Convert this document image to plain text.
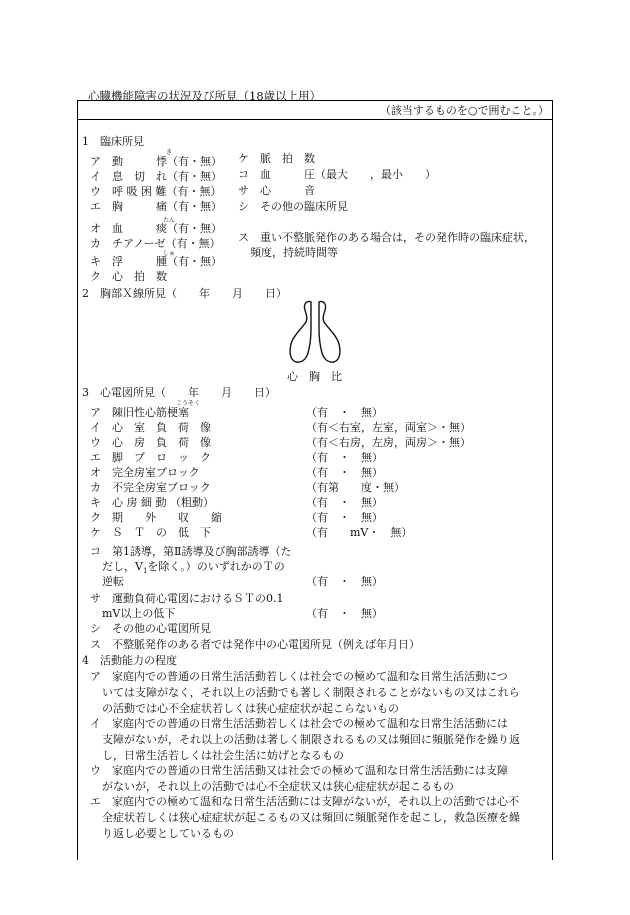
心臓機能障害の状況及び所見（18歳以上用）
（該当するものを○で囲むこと。）
1　臨床所見
き
ア　動　　　悸（有・無）
イ　息　切　れ（有・無）
ウ　呼 吸 困 難（有・無）
エ　胸　　　痛（有・無）
たん
オ　血　　　痰（有・無）
カ　チアノーゼ（有・無）
しゅ
キ　浮　　　腫（有・無）
ク　心　拍　数
ケ　脈　拍　数
コ　血　　　圧（最大　　，最小　　）
サ　心　　　音
シ　その他の臨床所見
ス　重い不整脈発作のある場合は，その発作時の臨床症状，
頻度，持続時間等
2　胸部Ｘ線所見（　　年　　月　　日）
心　胸　比
3　心電図所見（　　年　　月　　日）
こうそく
ア　陳旧性心筋梗塞	（有　・　無）
イ　心　室　負　荷　像	（有＜右室，左室，両室＞・無）
ウ　心　房　負　荷　像	（有＜右房，左房，両房＞・無）
エ　脚　ブ　ロ　ッ　ク	（有　・　無）
オ　完全房室ブロック	（有　・　無）
カ　不完全房室ブロック	（有第　　度・無）
キ　心 房 細 動 （粗動）	（有　・　無）
ク　期　　外　　収　　縮	（有　・　無）
ケ　Ｓ　Ｔ　の　低　下	（有　　mV・　無）
コ　第1誘導，第Ⅱ誘導及び胸部誘導（た
だし，$V_1$を除く。）のいずれかのＴの
逆転	（有　・　無）
サ　運動負荷心電図におけるＳＴの0.1
mV以上の低下	（有　・　無）
シ　その他の心電図所見
ス　不整脈発作のある者では発作中の心電図所見（例えば年月日）
4　活動能力の程度
ア　家庭内での普通の日常生活活動若しくは社会での極めて温和な日常生活活動につ
いては支障がなく，それ以上の活動でも著しく制限されることがないもの又はこれら
の活動では心不全症状若しくは狭心症症状が起こらないもの
イ　家庭内での普通の日常生活活動若しくは社会での極めて温和な日常生活活動には
支障がないが，それ以上の活動は著しく制限されるもの又は頻回に頻脈発作を繰り返
し，日常生活若しくは社会生活に妨げとなるもの
ウ　家庭内での普通の日常生活活動又は社会での極めて温和な日常生活活動には支障
がないが，それ以上の活動では心不全症状又は狭心症症状が起こるもの
エ　家庭内での極めて温和な日常生活活動には支障がないが，それ以上の活動では心不
全症状若しくは狭心症症状が起こるもの又は頻回に頻脈発作を起こし，救急医療を繰
り返し必要としているもの
